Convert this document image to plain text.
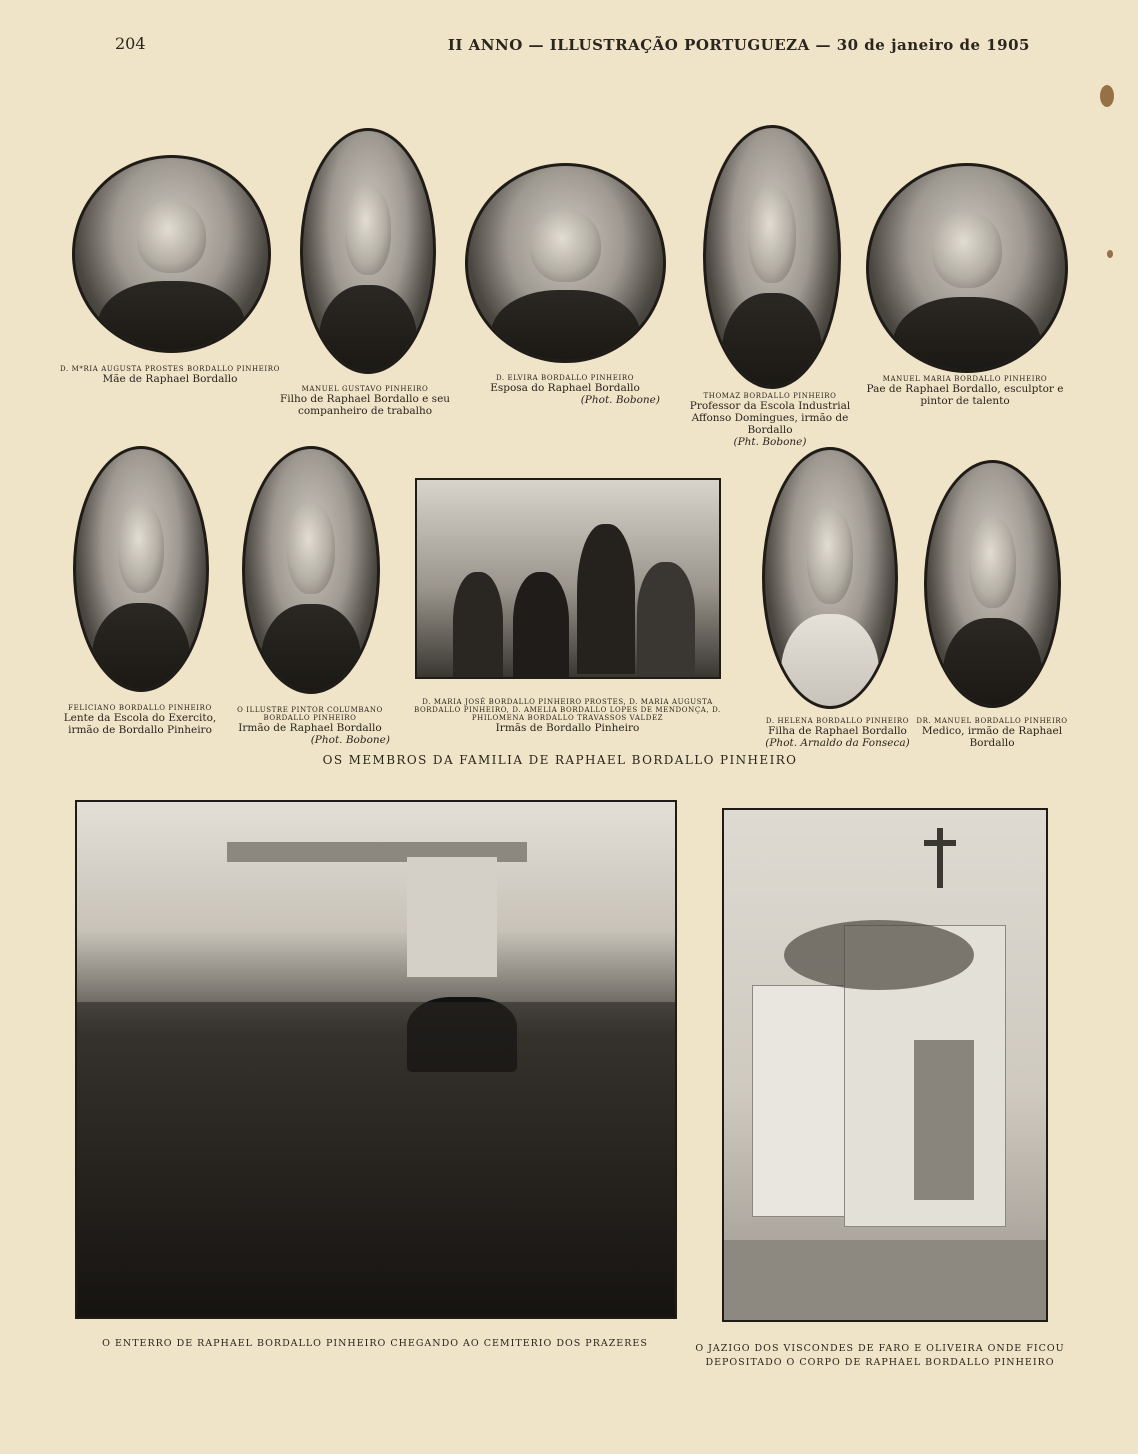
204	II ANNO — ILLUSTRAÇÃO PORTUGUEZA — 30 de janeiro de 1905
D. M*RIA AUGUSTA PROSTES BORDALLO PINHEIRO
Mãe de Raphael Bordallo
MANUEL GUSTAVO PINHEIRO
Filho de Raphael Bordallo e seu companheiro de trabalho
D. ELVIRA BORDALLO PINHEIRO
Esposa do Raphael Bordallo
(Phot. Bobone)	THOMAZ BORDALLO PINHEIRO
Professor da Escola Industrial Affonso Domingues, irmão de Bordallo
(Pht. Bobone)
MANUEL MARIA BORDALLO PINHEIRO
Pae de Raphael Bordallo, esculptor e pintor de talento
FELICIANO BORDALLO PINHEIRO
Lente da Escola do Exercito, irmão de Bordallo Pinheiro
O ILLUSTRE PINTOR COLUMBANO BORDALLO PINHEIRO
Irmão de Raphael Bordallo
(Phot. Bobone)
D. MARIA JOSÉ BORDALLO PINHEIRO PROSTES, D. MARIA AUGUSTA BORDALLO PINHEIRO, D. AMELIA BORDALLO LOPES DE MENDONÇA, D. PHILOMENA BORDALLO TRAVASSOS VALDEZ
Irmãs de Bordallo Pinheiro
D. HELENA BORDALLO PINHEIRO
Filha de Raphael Bordallo
(Phot. Arnaldo da Fonseca)
DR. MANUEL BORDALLO PINHEIRO
Medico, irmão de Raphael Bordallo
OS MEMBROS DA FAMILIA DE RAPHAEL BORDALLO PINHEIRO
O ENTERRO DE RAPHAEL BORDALLO PINHEIRO CHEGANDO AO CEMITERIO DOS PRAZERES	O JAZIGO DOS VISCONDES DE FARO E OLIVEIRA ONDE FICOU DEPOSITADO O CORPO DE RAPHAEL BORDALLO PINHEIRO
